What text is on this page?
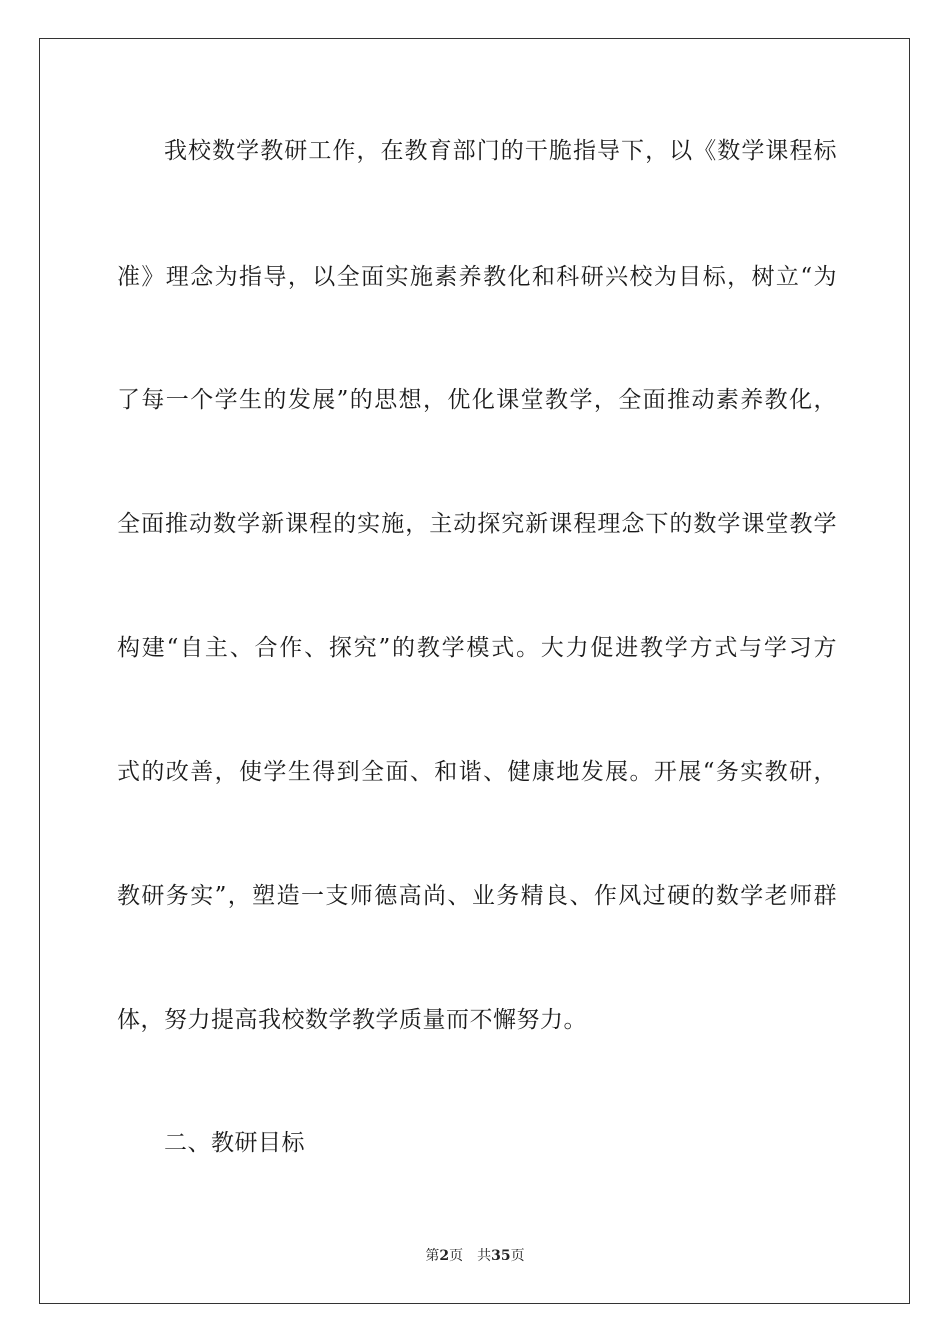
我校数学教研工作，在教育部门的干脆指导下，以《数学课程标
准》理念为指导，以全面实施素养教化和科研兴校为目标，树立“为
了每一个学生的发展”的思想，优化课堂教学，全面推动素养教化，
全面推动数学新课程的实施，主动探究新课程理念下的数学课堂教学
构建“自主、合作、探究”的教学模式。大力促进教学方式与学习方
式的改善，使学生得到全面、和谐、健康地发展。开展“务实教研，
教研务实”，塑造一支师德高尚、业务精良、作风过硬的数学老师群
体，努力提高我校数学教学质量而不懈努力。
二、教研目标
第2页　共35页
